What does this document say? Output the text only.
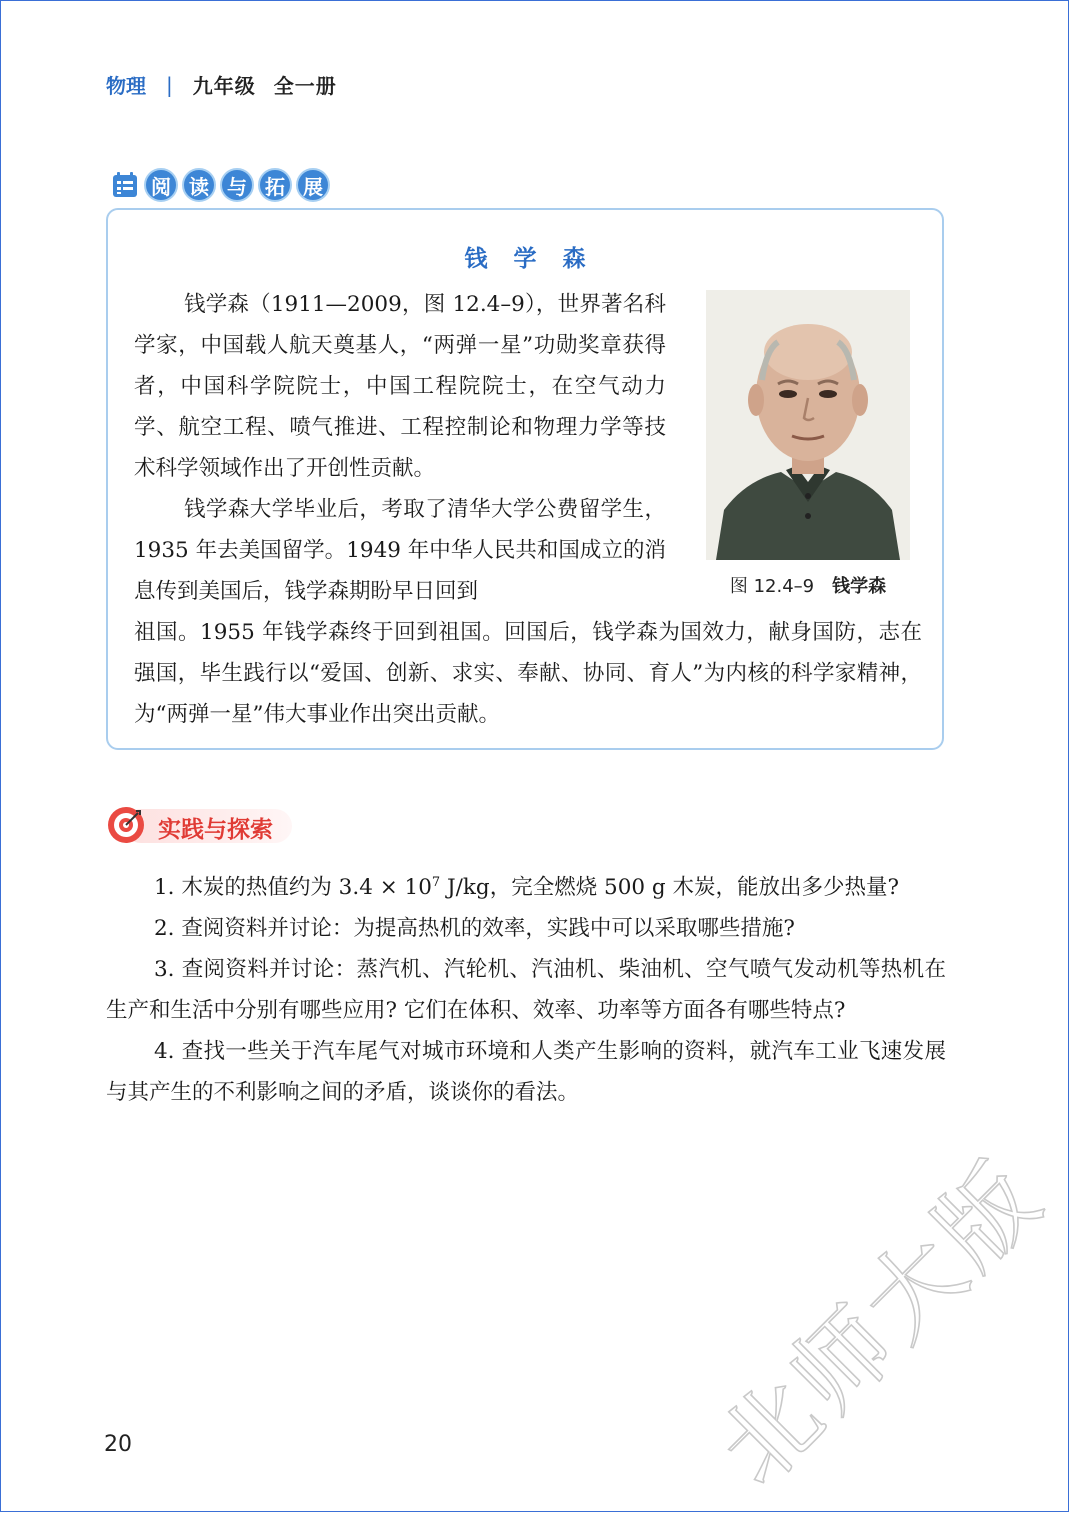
物理 | 九年级 全一册
阅 读 与 拓 展
钱学森

钱学森（1911—2009，图 12.4–9），世界著名科学家，中国载人航天奠基人，“两弹一星”功勋奖章获得者，中国科学院院士，中国工程院院士，在空气动力学、航空工程、喷气推进、工程控制论和物理力学等技术科学领域作出了开创性贡献。

钱学森大学毕业后，考取了清华大学公费留学生，1935 年去美国留学。1949 年中华人民共和国成立的消息传到美国后，钱学森期盼早日回到

祖国。1955 年钱学森终于回到祖国。回国后，钱学森为国效力，献身国防，志在强国，毕生践行以“爱国、创新、求实、奉献、协同、育人”为内核的科学家精神，为“两弹一星”伟大事业作出突出贡献。

图 12.4–9 钱学森
实践与探索

1. 木炭的热值约为 $3.4 \times 10^7$ J/kg，完全燃烧 500 g 木炭，能放出多少热量?

2. 查阅资料并讨论：为提高热机的效率，实践中可以采取哪些措施?

3. 查阅资料并讨论：蒸汽机、汽轮机、汽油机、柴油机、空气喷气发动机等热机在生产和生活中分别有哪些应用? 它们在体积、效率、功率等方面各有哪些特点?

4. 查找一些关于汽车尾气对城市环境和人类产生影响的资料，就汽车工业飞速发展与其产生的不利影响之间的矛盾，谈谈你的看法。

20	北师大版
